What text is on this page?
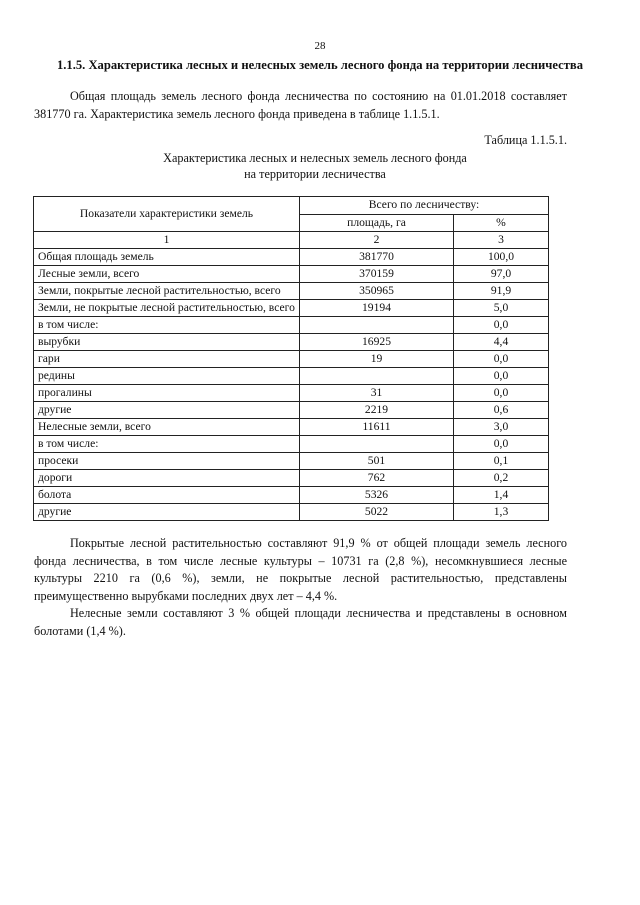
28
1.1.5. Характеристика лесных и нелесных земель лесного фонда на территории лесничества

Общая площадь земель лесного фонда лесничества по состоянию на 01.01.2018 составляет 381770 га. Характеристика земель лесного фонда приведена в таблице 1.1.5.1.

Таблица 1.1.5.1.
Характеристика лесных и нелесных земель лесного фонда
на территории лесничества
Показатели характеристики земель	Всего по лесничеству:	
	площадь, га	%
1	2	3
Общая площадь земель	381770	100,0
Лесные земли, всего	370159	97,0
Земли, покрытые лесной растительностью, всего	350965	91,9
Земли, не покрытые лесной растительностью, всего	19194	5,0
в том числе:		0,0
вырубки	16925	4,4
гари	19	0,0
редины		0,0
прогалины	31	0,0
другие	2219	0,6
Нелесные земли, всего	11611	3,0
в том числе:		0,0
просеки	501	0,1
дороги	762	0,2
болота	5326	1,4
другие	5022	1,3

Покрытые лесной растительностью составляют 91,9 % от общей площади земель лесного фонда лесничества, в том числе лесные культуры – 10731 га (2,8 %), несомкнувшиеся лесные культуры 2210 га (0,6 %), земли, не покрытые лесной растительностью, представлены преимущественно вырубками последних двух лет – 4,4 %.

Нелесные земли составляют 3 % общей площади лесничества и представлены в основном болотами (1,4 %).
